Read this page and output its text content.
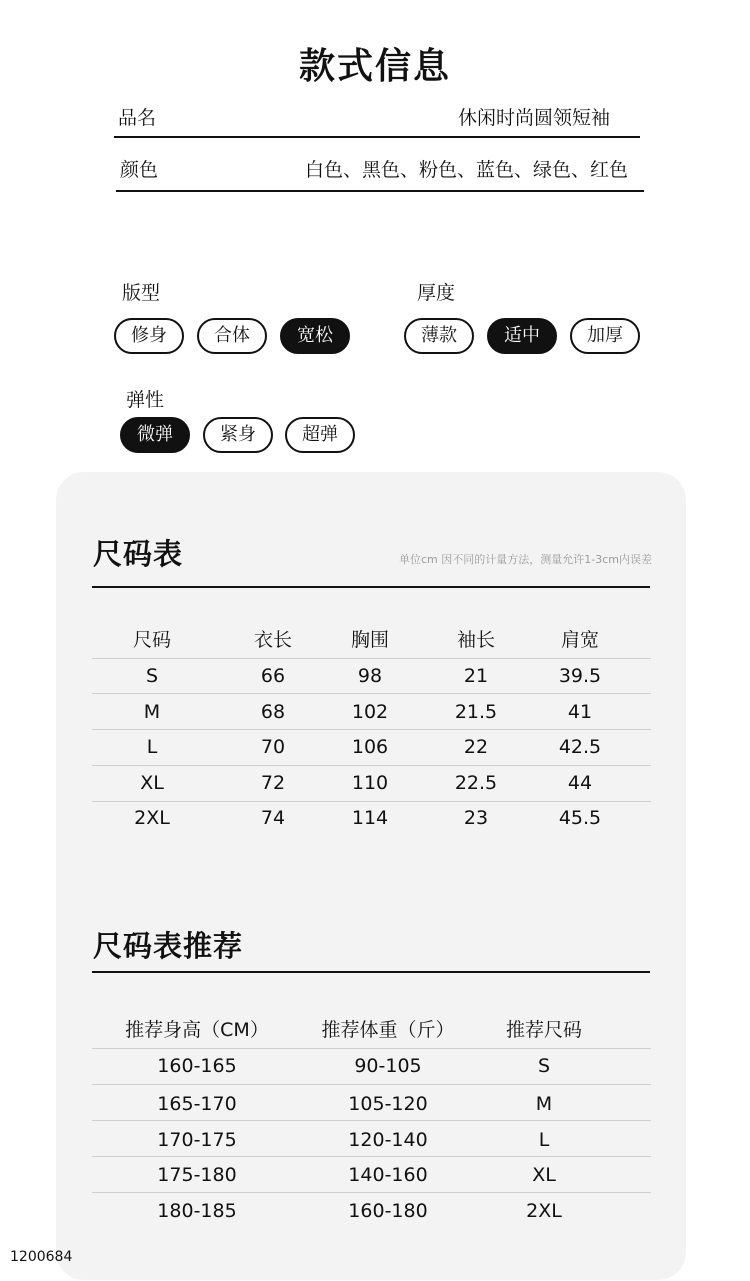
款式信息
品名	休闲时尚圆领短袖
颜色	白色、黑色、粉色、蓝色、绿色、红色
版型
修身	合体	宽松
厚度
薄款	适中	加厚
弹性
微弹	紧身	超弹
尺码表	单位cm 因不同的计量方法，测量允许1-3cm内误差
尺码	衣长	胸围	袖长	肩宽
S	66	98	21	39.5
M	68	102	21.5	41
L	70	106	22	42.5
XL	72	110	22.5	44
2XL	74	114	23	45.5
尺码表推荐
推荐身高（CM）	推荐体重（斤）	推荐尺码
160-165	90-105	S
165-170	105-120	M
170-175	120-140	L
175-180	140-160	XL
180-185	160-180	2XL
1200684
